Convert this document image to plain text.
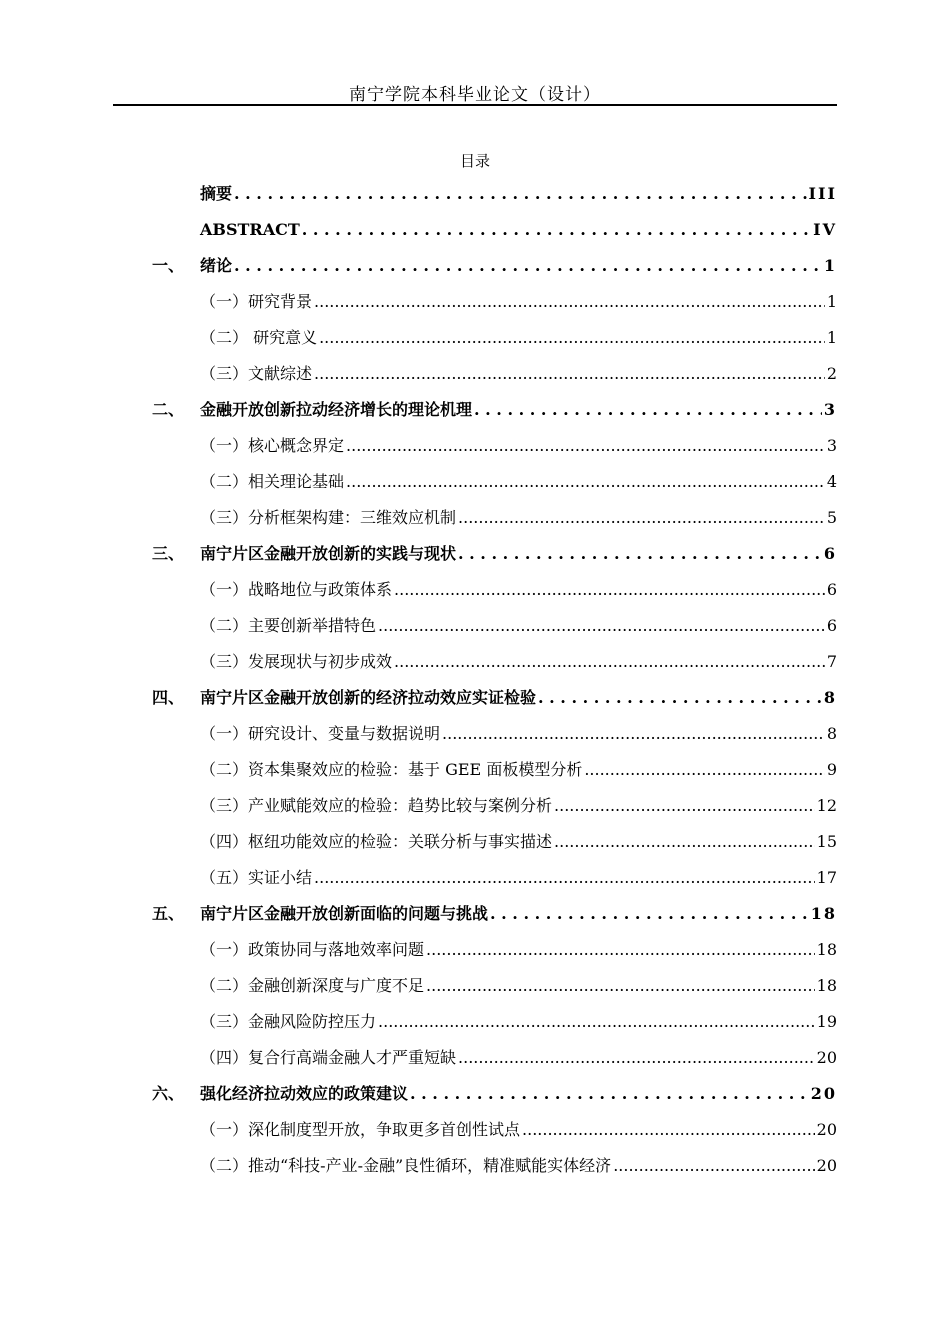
南宁学院本科毕业论文（设计）
目录
摘要 . . .	III
ABSTRACT . . .	IV
一、 绪论 . . .	1
（一）研究背景 .....	1
（二） 研究意义 .....	1
（三）文献综述 .....	2
二、 金融开放创新拉动经济增长的理论机理 . . .	3
（一）核心概念界定 .....	3
（二）相关理论基础 .....	4
（三）分析框架构建：三维效应机制 .....	5
三、 南宁片区金融开放创新的实践与现状 . . .	6
（一）战略地位与政策体系 .....	6
（二）主要创新举措特色 .....	6
（三）发展现状与初步成效 .....	7
四、 南宁片区金融开放创新的经济拉动效应实证检验 . . .	8
（一）研究设计、变量与数据说明 .....	8
（二）资本集聚效应的检验：基于 GEE 面板模型分析 .....	9
（三）产业赋能效应的检验：趋势比较与案例分析 .....	12
（四）枢纽功能效应的检验：关联分析与事实描述 .....	15
（五）实证小结 .....	17
五、 南宁片区金融开放创新面临的问题与挑战 . . .	18
（一）政策协同与落地效率问题 .....	18
（二）金融创新深度与广度不足 .....	18
（三）金融风险防控压力 .....	19
（四）复合行高端金融人才严重短缺 .....	20
六、 强化经济拉动效应的政策建议 . . .	20
（一）深化制度型开放，争取更多首创性试点 .....	20
（二）推动“科技-产业-金融”良性循环，精准赋能实体经济 .....	20
